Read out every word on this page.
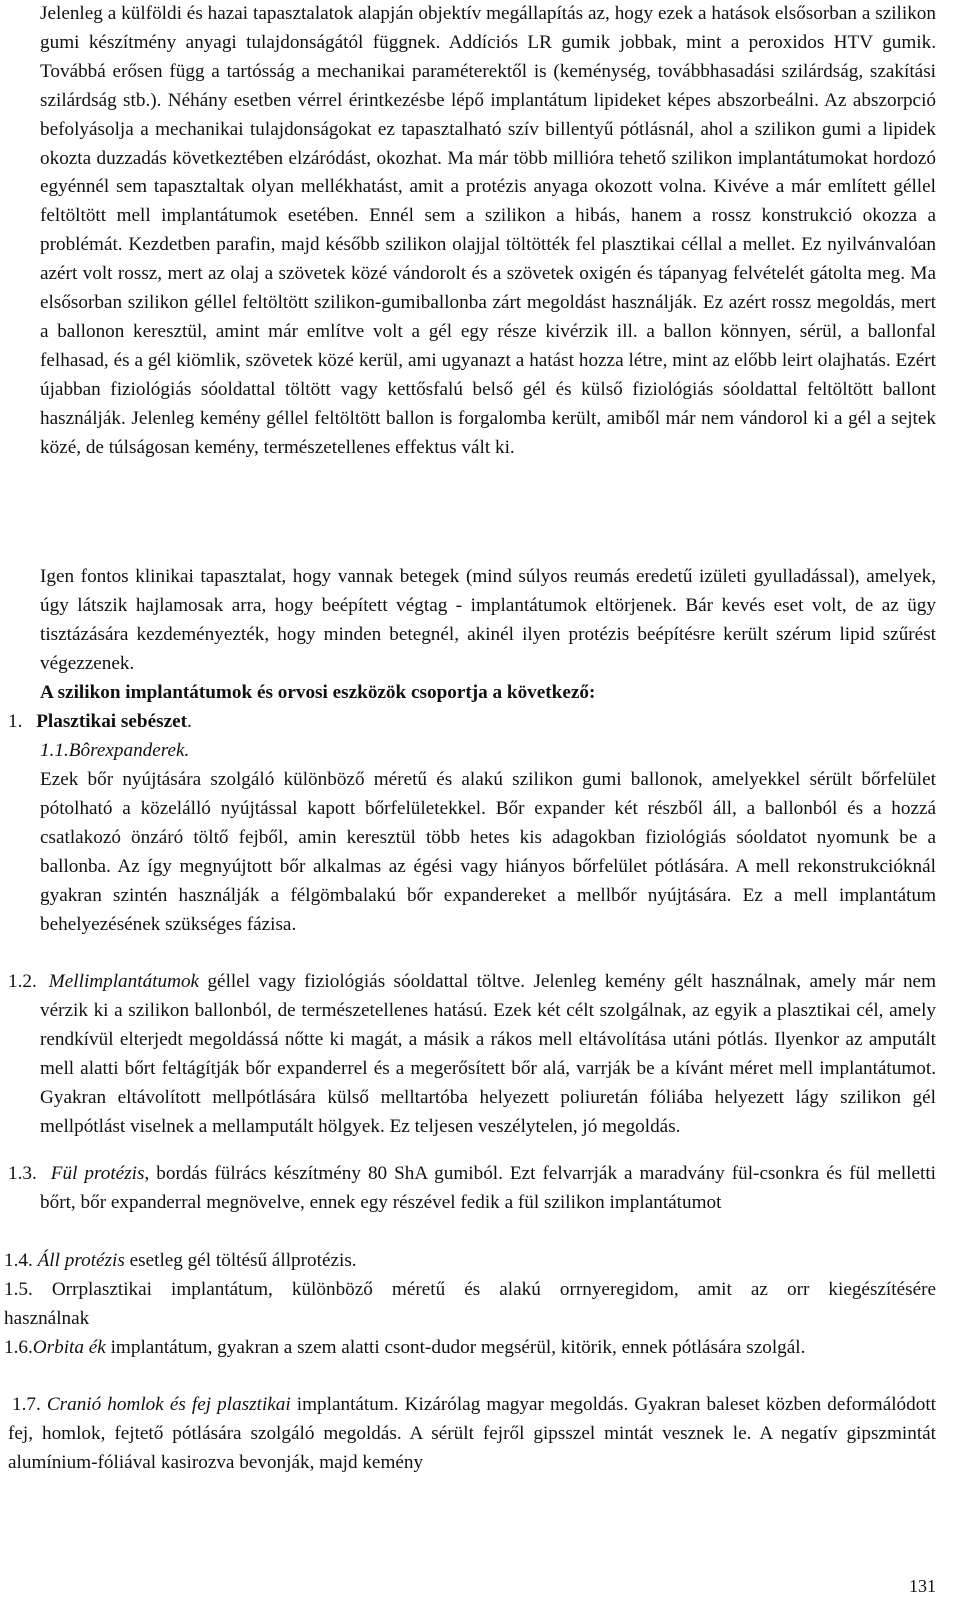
Jelenleg a külföldi és hazai tapasztalatok alapján objektív megállapítás az, hogy ezek a hatások elsősorban a szilikon gumi készítmény anyagi tulajdonságától függnek. Addíciós LR gumik jobbak, mint a peroxidos HTV gumik. Továbbá erősen függ a tartósság a mechanikai paraméterektől is (keménység, továbbhasadási szilárdság, szakítási szilárdság stb.). Néhány esetben vérrel érintkezésbe lépő implantátum lipideket képes abszorbeálni. Az abszorpció befolyásolja a mechanikai tulajdonságokat ez tapasztalható szív billentyű pótlásnál, ahol a szilikon gumi a lipidek okozta duzzadás következtében elzáródást, okozhat. Ma már több millióra tehető szilikon implantátumokat hordozó egyénnél sem tapasztaltak olyan mellékhatást, amit a protézis anyaga okozott volna. Kivéve a már említett géllel feltöltött mell implantátumok esetében. Ennél sem a szilikon a hibás, hanem a rossz konstrukció okozza a problémát. Kezdetben parafin, majd később szilikon olajjal töltötték fel plasztikai céllal a mellet. Ez nyilvánvalóan azért volt rossz, mert az olaj a szövetek közé vándorolt és a szövetek oxigén és tápanyag felvételét gátolta meg. Ma elsősorban szilikon géllel feltöltött szilikon-gumiballonba zárt megoldást használják. Ez azért rossz megoldás, mert a ballonon keresztül, amint már említve volt a gél egy része kivérzik ill. a ballon könnyen, sérül, a ballonfal felhasad, és a gél kiömlik, szövetek közé kerül, ami ugyanazt a hatást hozza létre, mint az előbb leirt olajhatás. Ezért újabban fiziológiás sóoldattal töltött vagy kettősfalú belső gél és külső fiziológiás sóoldattal feltöltött ballont használják. Jelenleg kemény géllel feltöltött ballon is forgalomba került, amiből már nem vándorol ki a gél a sejtek közé, de túlságosan kemény, természetellenes effektus vált ki.

Igen fontos klinikai tapasztalat, hogy vannak betegek (mind súlyos reumás eredetű izületi gyulladással), amelyek, úgy látszik hajlamosak arra, hogy beépített végtag - implantátumok eltörjenek. Bár kevés eset volt, de az ügy tisztázására kezdeményezték, hogy minden betegnél, akinél ilyen protézis beépítésre került szérum lipid szűrést végezzenek.

A szilikon implantátumok és orvosi eszközök csoportja a következő:

1. Plasztikai sebészet.

1.1.Bôrexpanderek.

Ezek bőr nyújtására szolgáló különböző méretű és alakú szilikon gumi ballonok, amelyekkel sérült bőrfelület pótolható a közelálló nyújtással kapott bőrfelületekkel. Bőr expander két részből áll, a ballonból és a hozzá csatlakozó önzáró töltő fejből, amin keresztül több hetes kis adagokban fiziológiás sóoldatot nyomunk be a ballonba. Az így megnyújtott bőr alkalmas az égési vagy hiányos bőrfelület pótlására. A mell rekonstrukcióknál gyakran szintén használják a félgömbalakú bőr expandereket a mellbőr nyújtására. Ez a mell implantátum behelyezésének szükséges fázisa.

1.2. Mellimplantátumok géllel vagy fiziológiás sóoldattal töltve. Jelenleg kemény gélt használnak, amely már nem vérzik ki a szilikon ballonból, de természetellenes hatású. Ezek két célt szolgálnak, az egyik a plasztikai cél, amely rendkívül elterjedt megoldássá nőtte ki magát, a másik a rákos mell eltávolítása utáni pótlás. Ilyenkor az amputált mell alatti bőrt feltágítják bőr expanderrel és a megerősített bőr alá, varrják be a kívánt méret mell implantátumot. Gyakran eltávolított mellpótlására külső melltartóba helyezett poliuretán fóliába helyezett lágy szilikon gél mellpótlást viselnek a mellamputált hölgyek. Ez teljesen veszélytelen, jó megoldás.

1.3. Fül protézis, bordás fülrács készítmény 80 ShA gumiból. Ezt felvarrják a maradvány fül-csonkra és fül melletti bőrt, bőr expanderral megnövelve, ennek egy részével fedik a fül szilikon implantátumot

1.4. Áll protézis esetleg gél töltésű állprotézis.

1.5. Orrplasztikai implantátum, különböző méretű és alakú orrnyeregidom, amit az orr kiegészítésére használnak

1.6.Orbita ék implantátum, gyakran a szem alatti csont-dudor megsérül, kitörik, ennek pótlására szolgál.

1.7. Cranió homlok és fej plasztikai implantátum. Kizárólag magyar megoldás. Gyakran baleset közben deformálódott fej, homlok, fejtető pótlására szolgáló megoldás. A sérült fejről gipsszel mintát vesznek le. A negatív gipszmintát alumínium-fóliával kasirozva bevonják, majd kemény

131
